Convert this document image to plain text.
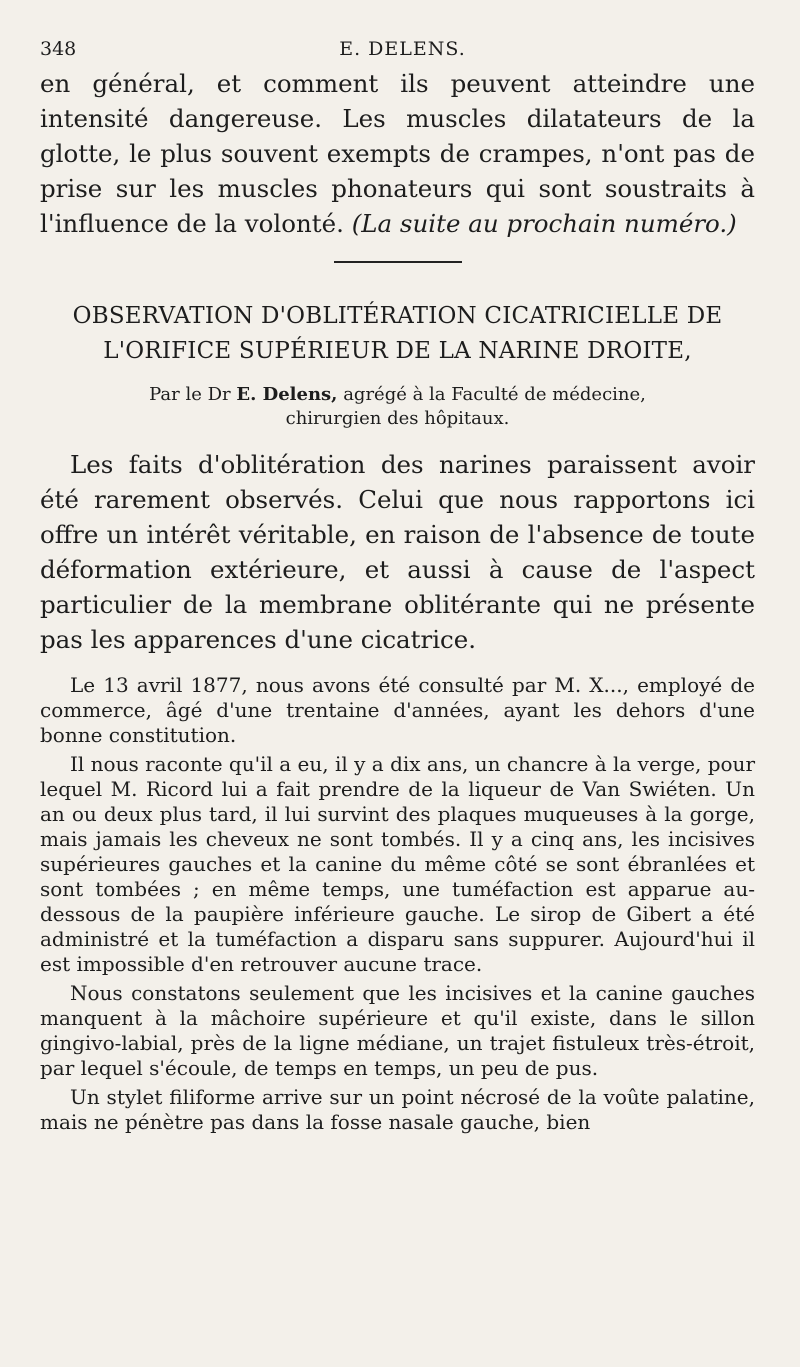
348	E. DELENS.

en général, et comment ils peuvent atteindre une intensité dangereuse. Les muscles dilatateurs de la glotte, le plus souvent exempts de crampes, n'ont pas de prise sur les muscles phonateurs qui sont soustraits à l'influence de la volonté. (La suite au prochain numéro.)

OBSERVATION D'OBLITÉRATION CICATRICIELLE DE L'ORIFICE SUPÉRIEUR DE LA NARINE DROITE,

Par le Dr E. Delens, agrégé à la Faculté de médecine,
chirurgien des hôpitaux.

Les faits d'oblitération des narines paraissent avoir été rarement observés. Celui que nous rapportons ici offre un intérêt véritable, en raison de l'absence de toute déformation extérieure, et aussi à cause de l'aspect particulier de la membrane oblitérante qui ne présente pas les apparences d'une cicatrice.

Le 13 avril 1877, nous avons été consulté par M. X..., employé de commerce, âgé d'une trentaine d'années, ayant les dehors d'une bonne constitution.

Il nous raconte qu'il a eu, il y a dix ans, un chancre à la verge, pour lequel M. Ricord lui a fait prendre de la liqueur de Van Swiéten. Un an ou deux plus tard, il lui survint des plaques muqueuses à la gorge, mais jamais les cheveux ne sont tombés. Il y a cinq ans, les incisives supérieures gauches et la canine du même côté se sont ébranlées et sont tombées ; en même temps, une tuméfaction est apparue au-dessous de la paupière inférieure gauche. Le sirop de Gibert a été administré et la tuméfaction a disparu sans suppurer. Aujourd'hui il est impossible d'en retrouver aucune trace.

Nous constatons seulement que les incisives et la canine gauches manquent à la mâchoire supérieure et qu'il existe, dans le sillon gingivo-labial, près de la ligne médiane, un trajet fistuleux très-étroit, par lequel s'écoule, de temps en temps, un peu de pus.

Un stylet filiforme arrive sur un point nécrosé de la voûte palatine, mais ne pénètre pas dans la fosse nasale gauche, bien
